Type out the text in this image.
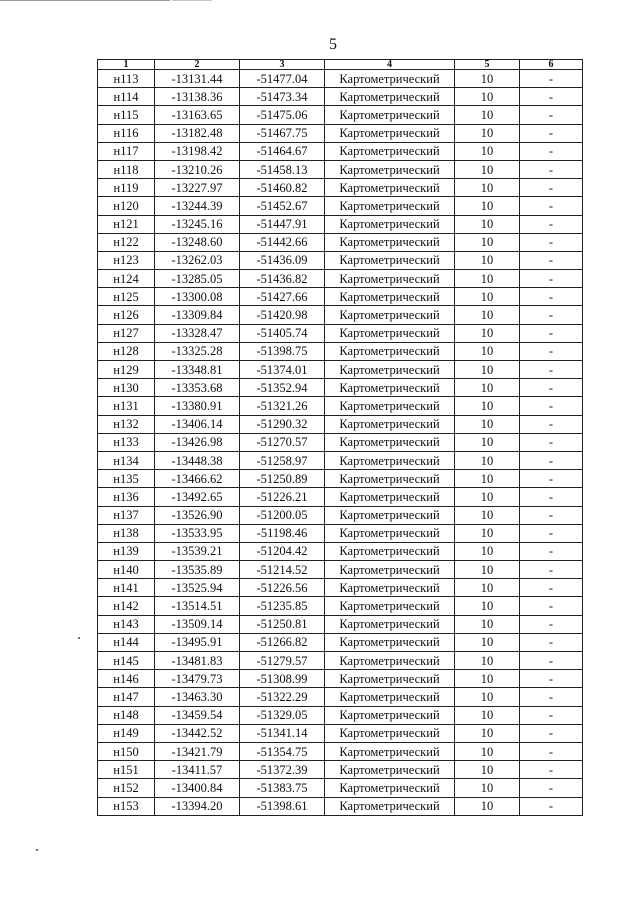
5
1	2	3	4	5	6
н113	-13131.44	-51477.04	Картометрический	10	-
н114	-13138.36	-51473.34	Картометрический	10	-
н115	-13163.65	-51475.06	Картометрический	10	-
н116	-13182.48	-51467.75	Картометрический	10	-
н117	-13198.42	-51464.67	Картометрический	10	-
н118	-13210.26	-51458.13	Картометрический	10	-
н119	-13227.97	-51460.82	Картометрический	10	-
н120	-13244.39	-51452.67	Картометрический	10	-
н121	-13245.16	-51447.91	Картометрический	10	-
н122	-13248.60	-51442.66	Картометрический	10	-
н123	-13262.03	-51436.09	Картометрический	10	-
н124	-13285.05	-51436.82	Картометрический	10	-
н125	-13300.08	-51427.66	Картометрический	10	-
н126	-13309.84	-51420.98	Картометрический	10	-
н127	-13328.47	-51405.74	Картометрический	10	-
н128	-13325.28	-51398.75	Картометрический	10	-
н129	-13348.81	-51374.01	Картометрический	10	-
н130	-13353.68	-51352.94	Картометрический	10	-
н131	-13380.91	-51321.26	Картометрический	10	-
н132	-13406.14	-51290.32	Картометрический	10	-
н133	-13426.98	-51270.57	Картометрический	10	-
н134	-13448.38	-51258.97	Картометрический	10	-
н135	-13466.62	-51250.89	Картометрический	10	-
н136	-13492.65	-51226.21	Картометрический	10	-
н137	-13526.90	-51200.05	Картометрический	10	-
н138	-13533.95	-51198.46	Картометрический	10	-
н139	-13539.21	-51204.42	Картометрический	10	-
н140	-13535.89	-51214.52	Картометрический	10	-
н141	-13525.94	-51226.56	Картометрический	10	-
н142	-13514.51	-51235.85	Картометрический	10	-
н143	-13509.14	-51250.81	Картометрический	10	-
н144	-13495.91	-51266.82	Картометрический	10	-
н145	-13481.83	-51279.57	Картометрический	10	-
н146	-13479.73	-51308.99	Картометрический	10	-
н147	-13463.30	-51322.29	Картометрический	10	-
н148	-13459.54	-51329.05	Картометрический	10	-
н149	-13442.52	-51341.14	Картометрический	10	-
н150	-13421.79	-51354.75	Картометрический	10	-
н151	-13411.57	-51372.39	Картометрический	10	-
н152	-13400.84	-51383.75	Картометрический	10	-
н153	-13394.20	-51398.61	Картометрический	10	-
